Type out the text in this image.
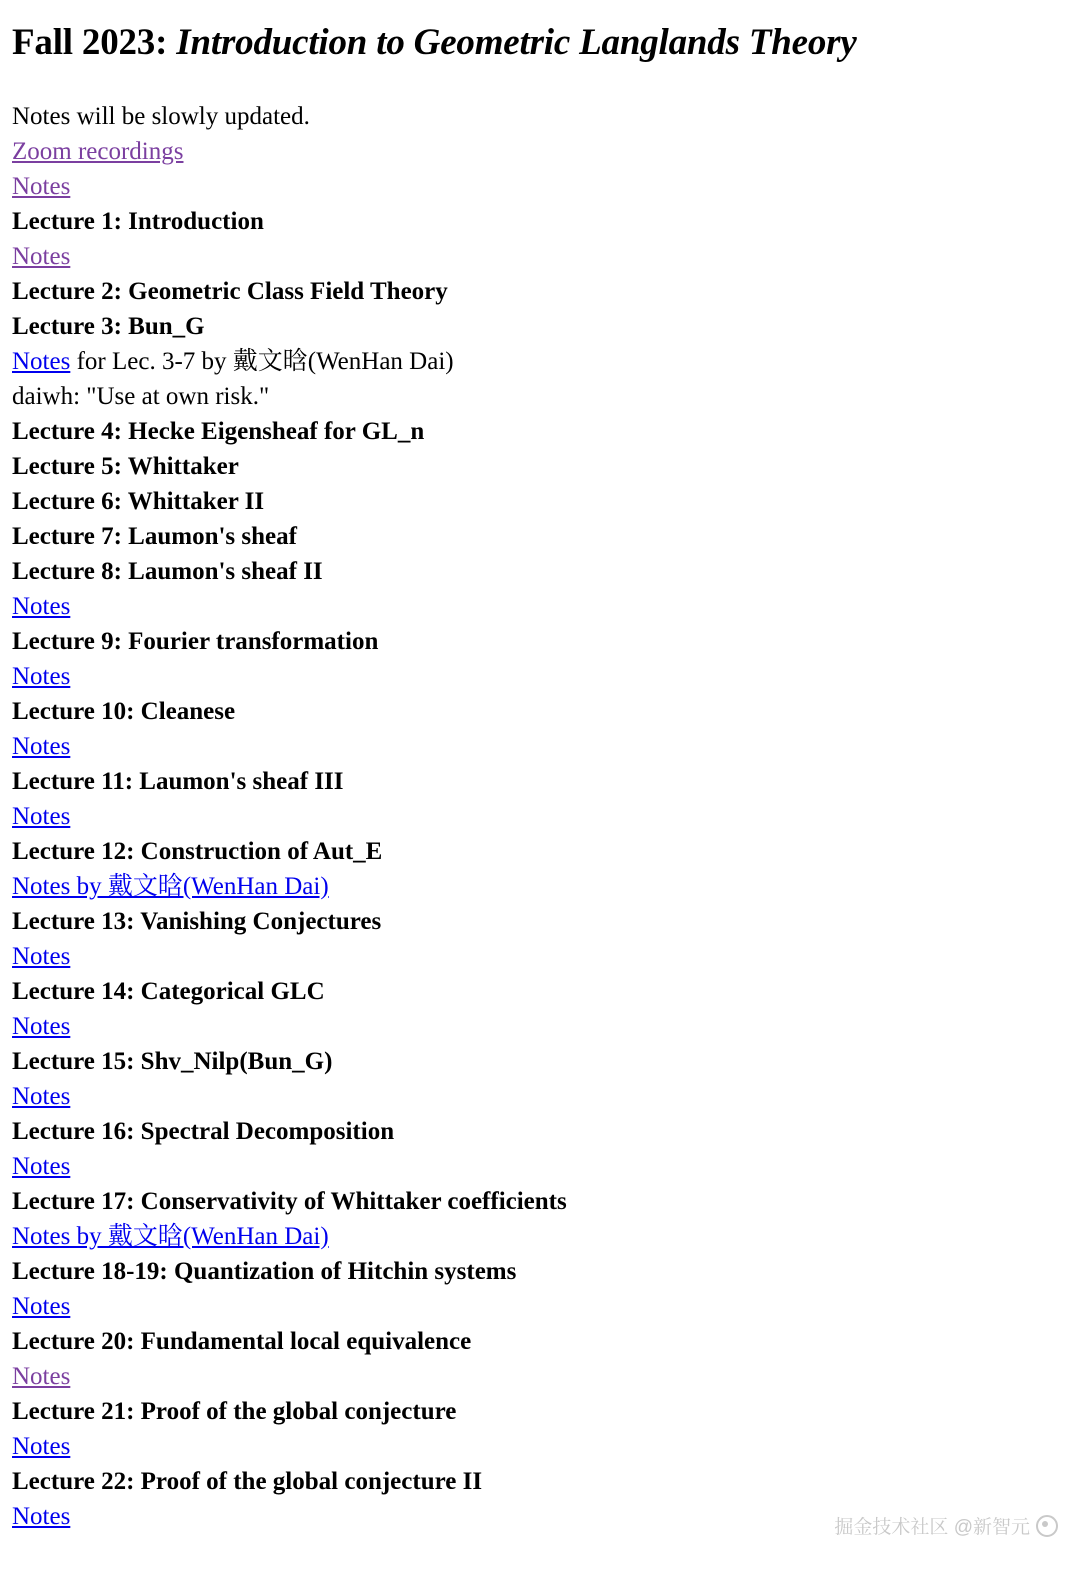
Fall 2023: Introduction to Geometric Langlands Theory
Notes will be slowly updated.
Zoom recordings
Notes
Lecture 1: Introduction
Notes
Lecture 2: Geometric Class Field Theory
Lecture 3: Bun_G
Notes for Lec. 3-7 by 戴文晗(WenHan Dai)
daiwh: "Use at own risk."
Lecture 4: Hecke Eigensheaf for GL_n
Lecture 5: Whittaker
Lecture 6: Whittaker II
Lecture 7: Laumon's sheaf
Lecture 8: Laumon's sheaf II
Notes
Lecture 9: Fourier transformation
Notes
Lecture 10: Cleanese
Notes
Lecture 11: Laumon's sheaf III
Notes
Lecture 12: Construction of Aut_E
Notes by 戴文晗(WenHan Dai)
Lecture 13: Vanishing Conjectures
Notes
Lecture 14: Categorical GLC
Notes
Lecture 15: Shv_Nilp(Bun_G)
Notes
Lecture 16: Spectral Decomposition
Notes
Lecture 17: Conservativity of Whittaker coefficients
Notes by 戴文晗(WenHan Dai)
Lecture 18-19: Quantization of Hitchin systems
Notes
Lecture 20: Fundamental local equivalence
Notes
Lecture 21: Proof of the global conjecture
Notes
Lecture 22: Proof of the global conjecture II
Notes	掘金技术社区 @新智元
